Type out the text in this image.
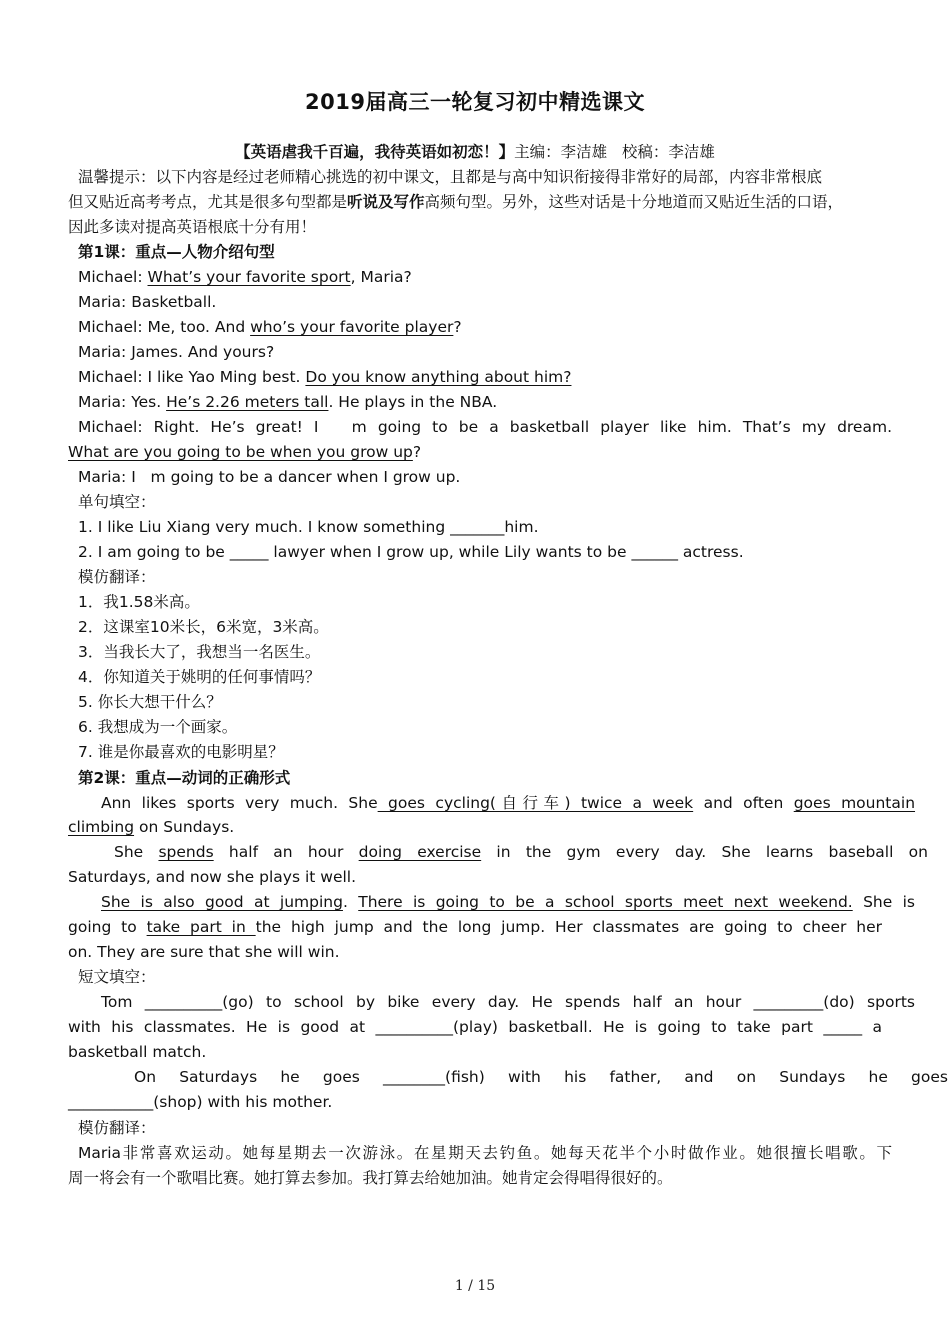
2019届高三一轮复习初中精选课文
【英语虐我千百遍，我待英语如初恋！】主编：李洁雄 校稿：李洁雄
温馨提示：以下内容是经过老师精心挑选的初中课文，且都是与高中知识衔接得非常好的局部，内容非常根底
但又贴近高考考点，尤其是很多句型都是听说及写作高频句型。另外，这些对话是十分地道而又贴近生活的口语，
因此多读对提高英语根底十分有用！
第1课：重点—人物介绍句型
Michael: What’s your favorite sport, Maria?
Maria: Basketball.
Michael: Me, too. And who’s your favorite player?
Maria: James. And yours?
Michael: I like Yao Ming best. Do you know anything about him?
Maria: Yes. He’s 2.26 meters tall. He plays in the NBA.
Michael: Right. He’s great! I   m going to be a basketball player like him. That’s my dream.
What are you going to be when you grow up?
Maria: I   m going to be a dancer when I grow up.
单句填空：
1. I like Liu Xiang very much. I know something _______him.
2. I am going to be _____ lawyer when I grow up, while Lily wants to be ______ actress.
模仿翻译：
1．我1.58米高。
2．这课室10米长，6米宽，3米高。
3．当我长大了，我想当一名医生。
4．你知道关于姚明的任何事情吗？
5. 你长大想干什么？
6. 我想成为一个画家。
7. 谁是你最喜欢的电影明星？
第2课：重点—动词的正确形式
Ann likes sports very much. She goes cycling(自行车) twice a week and often goes mountain
climbing on Sundays.
She spends half an hour doing exercise in the gym every day. She learns baseball on
Saturdays, and now she plays it well.
She is also good at jumping. There is going to be a school sports meet next weekend. She is
going to take part in the high jump and the long jump. Her classmates are going to cheer her
on. They are sure that she will win.
短文填空：
Tom __________(go) to school by bike every day. He spends half an hour _________(do) sports
with his classmates. He is good at __________(play) basketball. He is going to take part _____ a
basketball match.
On Saturdays he goes ________(fish) with his father, and on Sundays he goes
___________(shop) with his mother.
模仿翻译：
Maria非常喜欢运动。她每星期去一次游泳。在星期天去钓鱼。她每天花半个小时做作业。她很擅长唱歌。下
周一将会有一个歌唱比赛。她打算去参加。我打算去给她加油。她肯定会得唱得很好的。
1 / 15
